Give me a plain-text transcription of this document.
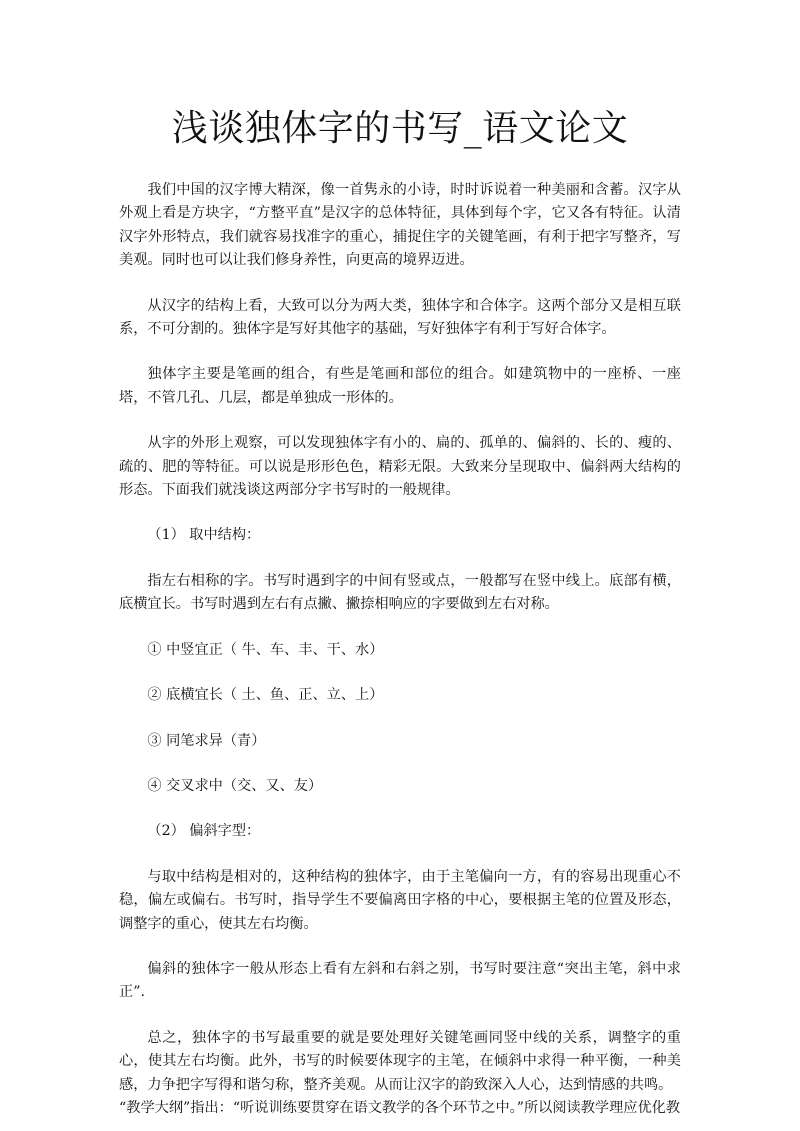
浅谈独体字的书写_语文论文

我们中国的汉字博大精深，像一首隽永的小诗，时时诉说着一种美丽和含蓄。汉字从外观上看是方块字，“方整平直”是汉字的总体特征，具体到每个字，它又各有特征。认清汉字外形特点，我们就容易找准字的重心，捕捉住字的关键笔画，有利于把字写整齐，写美观。同时也可以让我们修身养性，向更高的境界迈进。

从汉字的结构上看，大致可以分为两大类，独体字和合体字。这两个部分又是相互联系，不可分割的。独体字是写好其他字的基础，写好独体字有利于写好合体字。

独体字主要是笔画的组合，有些是笔画和部位的组合。如建筑物中的一座桥、一座塔，不管几孔、几层，都是单独成一形体的。

从字的外形上观察，可以发现独体字有小的、扁的、孤单的、偏斜的、长的、瘦的、疏的、肥的等特征。可以说是形形色色，精彩无限。大致来分呈现取中、偏斜两大结构的形态。下面我们就浅谈这两部分字书写时的一般规律。

（1） 取中结构：

指左右相称的字。书写时遇到字的中间有竖或点，一般都写在竖中线上。底部有横，底横宜长。书写时遇到左右有点撇、撇捺相响应的字要做到左右对称。

① 中竖宜正（ 牛、车、丰、干、水）

② 底横宜长（ 土、鱼、正、立、上）

③ 同笔求异（青）

④ 交叉求中（交、又、友）

（2） 偏斜字型：

与取中结构是相对的，这种结构的独体字，由于主笔偏向一方，有的容易出现重心不稳，偏左或偏右。书写时，指导学生不要偏离田字格的中心，要根据主笔的位置及形态，调整字的重心，使其左右均衡。

偏斜的独体字一般从形态上看有左斜和右斜之别，书写时要注意“突出主笔，斜中求正”.

总之，独体字的书写最重要的就是要处理好关键笔画同竖中线的关系，调整字的重心，使其左右均衡。此外，书写的时候要体现字的主笔，在倾斜中求得一种平衡，一种美感，力争把字写得和谐匀称，整齐美观。从而让汉字的韵致深入人心，达到情感的共鸣。

“教学大纲”指出：“听说训练要贯穿在语文教学的各个环节之中。”所以阅读教学理应优化教
